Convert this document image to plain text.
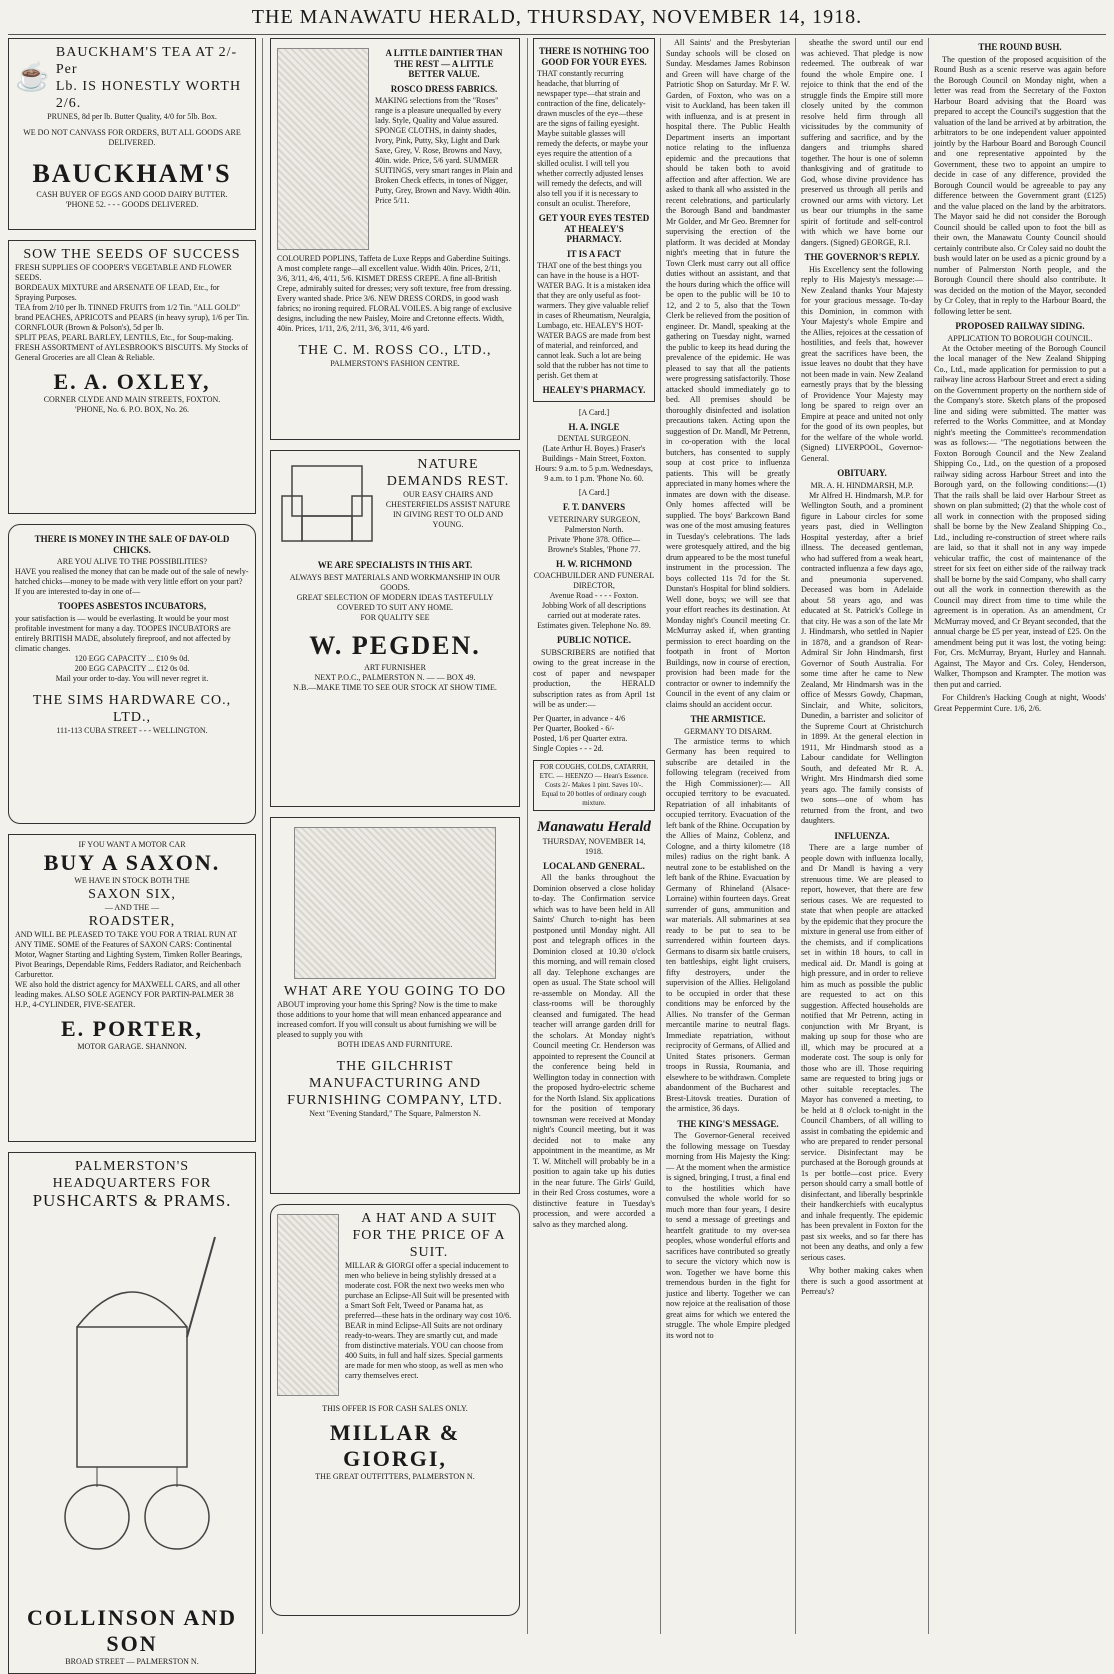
THE MANAWATU HERALD, THURSDAY, NOVEMBER 14, 1918.
☕
BAUCKHAM'S TEA AT 2/- Per
Lb. IS HONESTLY WORTH 2/6.
PRUNES, 8d per lb. Butter Quality, 4/0 for 5lb. Box.
WE DO NOT CANVASS FOR ORDERS, BUT ALL GOODS ARE DELIVERED.
BAUCKHAM'S
CASH BUYER OF EGGS AND GOOD DAIRY BUTTER.
'PHONE 52. - - - GOODS DELIVERED.
SOW THE SEEDS OF SUCCESS
FRESH SUPPLIES OF COOPER'S VEGETABLE AND FLOWER SEEDS.
BORDEAUX MIXTURE and ARSENATE OF LEAD, Etc., for Spraying Purposes.
TEA from 2/10 per lb. TINNED FRUITS from 1/2 Tin. "ALL GOLD" brand PEACHES, APRICOTS and PEARS (in heavy syrup), 1/6 per Tin.
CORNFLOUR (Brown & Polson's), 5d per lb.
SPLIT PEAS, PEARL BARLEY, LENTILS, Etc., for Soup-making.
FRESH ASSORTMENT of AYLESBROOK'S BISCUITS. My Stocks of General Groceries are all Clean & Reliable.
E. A. OXLEY,
CORNER CLYDE AND MAIN STREETS, FOXTON.
'PHONE, No. 6. P.O. BOX, No. 26.
THERE IS MONEY IN THE SALE OF DAY-OLD CHICKS.
ARE YOU ALIVE TO THE POSSIBILITIES?
HAVE you realised the money that can be made out of the sale of newly-hatched chicks—money to be made with very little effort on your part? If you are interested to-day in one of—
TOOPES ASBESTOS INCUBATORS,
your satisfaction is — would be everlasting. It would be your most profitable investment for many a day. TOOPES INCUBATORS are entirely BRITISH MADE, absolutely fireproof, and not affected by climatic changes.
120 EGG CAPACITY ... £10 9s 0d.
200 EGG CAPACITY ... £12 0s 0d.
Mail your order to-day. You will never regret it.
THE SIMS HARDWARE CO., LTD.,
111-113 CUBA STREET - - - WELLINGTON.
IF YOU WANT A MOTOR CAR
BUY A SAXON.
WE HAVE IN STOCK BOTH THE
SAXON SIX,
— AND THE —
ROADSTER,
AND WILL BE PLEASED TO TAKE YOU FOR A TRIAL RUN AT ANY TIME. SOME of the Features of SAXON CARS: Continental Motor, Wagner Starting and Lighting System, Timken Roller Bearings, Pivot Bearings, Dependable Rims, Fedders Radiator, and Reichenbach Carburettor.
WE also hold the district agency for MAXWELL CARS, and all other leading makes. ALSO SOLE AGENCY FOR PARTIN-PALMER 38 H.P., 4-CYLINDER, FIVE-SEATER.
E. PORTER,
MOTOR GARAGE. SHANNON.
PALMERSTON'S HEADQUARTERS FOR
PUSHCARTS & PRAMS.
COLLINSON AND SON
BROAD STREET — PALMERSTON N.
A LITTLE DAINTIER THAN THE REST — A LITTLE BETTER VALUE.
ROSCO DRESS FABRICS.
MAKING selections from the "Roses" range is a pleasure unequalled by every lady. Style, Quality and Value assured. SPONGE CLOTHS, in dainty shades, Ivory, Pink, Putty, Sky, Light and Dark Saxe, Grey, V. Rose, Browns and Navy, 40in. wide. Price, 5/6 yard. SUMMER SUITINGS, very smart ranges in Plain and Broken Check effects, in tones of Nigger, Putty, Grey, Brown and Navy. Width 40in. Price 5/11.
COLOURED POPLINS, Taffeta de Luxe Repps and Gaberdine Suitings. A most complete range—all excellent value. Width 40in. Prices, 2/11, 3/6, 3/11, 4/6, 4/11, 5/6. KISMET DRESS CREPE. A fine all-British Crepe, admirably suited for dresses; very soft texture, free from dressing. Every wanted shade. Price 3/6. NEW DRESS CORDS, in good wash fabrics; no ironing required. FLORAL VOILES. A big range of exclusive designs, including the new Paisley, Moire and Cretonne effects. Width, 40in. Prices, 1/11, 2/6, 2/11, 3/6, 3/11, 4/6 yard.
THE C. M. ROSS CO., LTD.,
PALMERSTON'S FASHION CENTRE.
NATURE DEMANDS REST.
OUR EASY CHAIRS AND CHESTERFIELDS ASSIST NATURE IN GIVING REST TO OLD AND YOUNG.
WE ARE SPECIALISTS IN THIS ART.
ALWAYS BEST MATERIALS AND WORKMANSHIP IN OUR GOODS.
GREAT SELECTION OF MODERN IDEAS TASTEFULLY COVERED TO SUIT ANY HOME.
FOR QUALITY SEE
W. PEGDEN.
ART FURNISHER
NEXT P.O.C., PALMERSTON N. — — BOX 49.
N.B.—MAKE TIME TO SEE OUR STOCK AT SHOW TIME.
WHAT ARE YOU GOING TO DO
ABOUT improving your home this Spring? Now is the time to make those additions to your home that will mean enhanced appearance and increased comfort. If you will consult us about furnishing we will be pleased to supply you with
BOTH IDEAS AND FURNITURE.
THE GILCHRIST MANUFACTURING AND FURNISHING COMPANY, LTD.
Next "Evening Standard," The Square, Palmerston N.
A HAT AND A SUIT FOR THE PRICE OF A SUIT.
MILLAR & GIORGI offer a special inducement to men who believe in being stylishly dressed at a moderate cost. FOR the next two weeks men who purchase an Eclipse-All Suit will be presented with a Smart Soft Felt, Tweed or Panama hat, as preferred—these hats in the ordinary way cost 10/6. BEAR in mind Eclipse-All Suits are not ordinary ready-to-wears. They are smartly cut, and made from distinctive materials. YOU can choose from 400 Suits, in full and half sizes. Special garments are made for men who stoop, as well as men who carry themselves erect.
THIS OFFER IS FOR CASH SALES ONLY.
MILLAR & GIORGI,
THE GREAT OUTFITTERS, PALMERSTON N.
THERE IS NOTHING TOO GOOD FOR YOUR EYES.
THAT constantly recurring headache, that blurring of newspaper type—that strain and contraction of the fine, delicately-drawn muscles of the eye—these are the signs of failing eyesight. Maybe suitable glasses will remedy the defects, or maybe your eyes require the attention of a skilled oculist. I will tell you whether correctly adjusted lenses will remedy the defects, and will also tell you if it is necessary to consult an oculist. Therefore,
GET YOUR EYES TESTED AT HEALEY'S PHARMACY.
IT IS A FACT
THAT one of the best things you can have in the house is a HOT-WATER BAG. It is a mistaken idea that they are only useful as foot-warmers. They give valuable relief in cases of Rheumatism, Neuralgia, Lumbago, etc. HEALEY'S HOT-WATER BAGS are made from best of material, and reinforced, and cannot leak. Such a lot are being sold that the rubber has not time to perish. Get them at
HEALEY'S PHARMACY.
[A Card.]
H. A. INGLE
DENTAL SURGEON.
(Late Arthur H. Boyes.) Fraser's Buildings - Main Street, Foxton.
Hours: 9 a.m. to 5 p.m. Wednesdays, 9 a.m. to 1 p.m. 'Phone No. 60.
[A Card.]
F. T. DANVERS
VETERINARY SURGEON, Palmerston North.
Private 'Phone 378. Office—Browne's Stables, 'Phone 77.
H. W. RICHMOND
COACHBUILDER AND FUNERAL DIRECTOR,
Avenue Road - - - - Foxton.
Jobbing Work of all descriptions carried out at moderate rates. Estimates given. Telephone No. 89.
PUBLIC NOTICE.
SUBSCRIBERS are notified that owing to the great increase in the cost of paper and newspaper production, the HERALD subscription rates as from April 1st will be as under:—
Per Quarter, in advance - 4/6
Per Quarter, Booked - 6/-
Posted, 1/6 per Quarter extra.
Single Copies - - - 2d.
FOR COUGHS, COLDS, CATARRH, ETC. — HEENZO — Hean's Essence. Costs 2/- Makes 1 pint. Saves 10/-. Equal to 20 bottles of ordinary cough mixture.
Manawatu Herald
THURSDAY, NOVEMBER 14, 1918.
LOCAL AND GENERAL.
All the banks throughout the Dominion observed a close holiday to-day. The Confirmation service which was to have been held in All Saints' Church to-night has been postponed until Monday night. All post and telegraph offices in the Dominion closed at 10.30 o'clock this morning, and will remain closed all day. Telephone exchanges are open as usual. The State school will re-assemble on Monday. All the class-rooms will be thoroughly cleansed and fumigated. The head teacher will arrange garden drill for the scholars. At Monday night's Council meeting Cr. Henderson was appointed to represent the Council at the conference being held in Wellington today in connection with the proposed hydro-electric scheme for the North Island. Six applications for the position of temporary townsman were received at Monday night's Council meeting, but it was decided not to make any appointment in the meantime, as Mr T. W. Mitchell will probably be in a position to again take up his duties in the near future. The Girls' Guild, in their Red Cross costumes, wore a distinctive feature in Tuesday's procession, and were accorded a salvo as they marched along.
All Saints' and the Presbyterian Sunday schools will be closed on Sunday. Mesdames James Robinson and Green will have charge of the Patriotic Shop on Saturday. Mr F. W. Garden, of Foxton, who was on a visit to Auckland, has been taken ill with influenza, and is at present in hospital there. The Public Health Department inserts an important notice relating to the influenza epidemic and the precautions that should be taken both to avoid affection and after affection. We are asked to thank all who assisted in the recent celebrations, and particularly the Borough Band and bandmaster Mr Golder, and Mr Geo. Bremner for supervising the erection of the platform. It was decided at Monday night's meeting that in future the Town Clerk must carry out all office duties without an assistant, and that the hours during which the office will be open to the public will be 10 to 12, and 2 to 5, also that the Town Clerk be relieved from the position of engineer. Dr. Mandl, speaking at the gathering on Tuesday night, warned the public to keep its head during the prevalence of the epidemic. He was pleased to say that all the patients were progressing satisfactorily. Those attacked should immediately go to bed. All premises should be thoroughly disinfected and isolation precautions taken. Acting upon the suggestion of Dr. Mandl, Mr Petrenn, in co-operation with the local butchers, has consented to supply soup at cost price to influenza patients. This will be greatly appreciated in many homes where the inmates are down with the disease. Only homes affected will be supplied. The boys' Barkcown Band was one of the most amusing features in Tuesday's celebrations. The lads were grotesquely attired, and the big drum appeared to be the most tuneful instrument in the procession. The boys collected 11s 7d for the St. Dunstan's Hospital for blind soldiers. Well done, boys; we will see that your effort reaches its destination. At Monday night's Council meeting Cr. McMurray asked if, when granting permission to erect hoarding on the footpath in front of Morton Buildings, now in course of erection, provision had been made for the contractor or owner to indemnify the Council in the event of any claim or claims should an accident occur.
THE ARMISTICE.
GERMANY TO DISARM.
The armistice terms to which Germany has been required to subscribe are detailed in the following telegram (received from the High Commissioner):— All occupied territory to be evacuated. Repatriation of all inhabitants of occupied territory. Evacuation of the left bank of the Rhine. Occupation by the Allies of Mainz, Coblenz, and Cologne, and a thirty kilometre (18 miles) radius on the right bank. A neutral zone to be established on the left bank of the Rhine. Evacuation by Germany of Rhineland (Alsace-Lorraine) within fourteen days. Great surrender of guns, ammunition and war materials. All submarines at sea ready to be put to sea to be surrendered within fourteen days. Germans to disarm six battle cruisers, ten battleships, eight light cruisers, fifty destroyers, under the supervision of the Allies. Heligoland to be occupied in order that these conditions may be enforced by the Allies. No transfer of the German mercantile marine to neutral flags. Immediate repatriation, without reciprocity of Germans, of Allied and United States prisoners. German troops in Russia, Roumania, and elsewhere to be withdrawn. Complete abandonment of the Bucharest and Brest-Litovsk treaties. Duration of the armistice, 36 days.
THE KING'S MESSAGE.
The Governor-General received the following message on Tuesday morning from His Majesty the King:— At the moment when the armistice is signed, bringing, I trust, a final end to the hostilities which have convulsed the whole world for so much more than four years, I desire to send a message of greetings and heartfelt gratitude to my over-sea peoples, whose wonderful efforts and sacrifices have contributed so greatly to secure the victory which now is won. Together we have borne this tremendous burden in the fight for justice and liberty. Together we can now rejoice at the realisation of those great aims for which we entered the struggle. The whole Empire pledged its word not to
sheathe the sword until our end was achieved. That pledge is now redeemed. The outbreak of war found the whole Empire one. I rejoice to think that the end of the struggle finds the Empire still more closely united by the common resolve held firm through all vicissitudes by the community of suffering and sacrifice, and by the dangers and triumphs shared together. The hour is one of solemn thanksgiving and of gratitude to God, whose divine providence has preserved us through all perils and crowned our arms with victory. Let us bear our triumphs in the same spirit of fortitude and self-control with which we have borne our dangers. (Signed) GEORGE, R.I.
THE GOVERNOR'S REPLY.
His Excellency sent the following reply to His Majesty's message:— New Zealand thanks Your Majesty for your gracious message. To-day this Dominion, in common with Your Majesty's whole Empire and the Allies, rejoices at the cessation of hostilities, and feels that, however great the sacrifices have been, the issue leaves no doubt that they have not been made in vain. New Zealand earnestly prays that by the blessing of Providence Your Majesty may long be spared to reign over an Empire at peace and united not only for the good of its own peoples, but for the welfare of the whole world. (Signed) LIVERPOOL, Governor-General.
OBITUARY.
MR. A. H. HINDMARSH, M.P.
Mr Alfred H. Hindmarsh, M.P. for Wellington South, and a prominent figure in Labour circles for some years past, died in Wellington Hospital yesterday, after a brief illness. The deceased gentleman, who had suffered from a weak heart, contracted influenza a few days ago, and pneumonia supervened. Deceased was born in Adelaide about 58 years ago, and was educated at St. Patrick's College in that city. He was a son of the late Mr J. Hindmarsh, who settled in Napier in 1878, and a grandson of Rear-Admiral Sir John Hindmarsh, first Governor of South Australia. For some time after he came to New Zealand, Mr Hindmarsh was in the office of Messrs Gowdy, Chapman, Sinclair, and White, solicitors, Dunedin, a barrister and solicitor of the Supreme Court at Christchurch in 1899. At the general election in 1911, Mr Hindmarsh stood as a Labour candidate for Wellington South, and defeated Mr R. A. Wright. Mrs Hindmarsh died some years ago. The family consists of two sons—one of whom has returned from the front, and two daughters.
INFLUENZA.
There are a large number of people down with influenza locally, and Dr Mandl is having a very strenuous time. We are pleased to report, however, that there are few serious cases. We are requested to state that when people are attacked by the epidemic that they procure the mixture in general use from either of the chemists, and if complications set in within 18 hours, to call in medical aid. Dr. Mandl is going at high pressure, and in order to relieve him as much as possible the public are requested to act on this suggestion. Affected households are notified that Mr Petrenn, acting in conjunction with Mr Bryant, is making up soup for those who are ill, which may be procured at a moderate cost. The soup is only for those who are ill. Those requiring same are requested to bring jugs or other suitable receptacles. The Mayor has convened a meeting, to be held at 8 o'clock to-night in the Council Chambers, of all willing to assist in combating the epidemic and who are prepared to render personal service. Disinfectant may be purchased at the Borough grounds at 1s per bottle—cost price. Every person should carry a small bottle of disinfectant, and liberally besprinkle their handkerchiefs with eucalyptus and inhale frequently. The epidemic has been prevalent in Foxton for the past six weeks, and so far there has not been any deaths, and only a few serious cases.
Why bother making cakes when there is such a good assortment at Perreau's?
THE ROUND BUSH.
The question of the proposed acquisition of the Round Bush as a scenic reserve was again before the Borough Council on Monday night, when a letter was read from the Secretary of the Foxton Harbour Board advising that the Board was prepared to accept the Council's suggestion that the valuation of the land be arrived at by arbitration, the arbitrators to be one independent valuer appointed jointly by the Harbour Board and Borough Council and one representative appointed by the Government, these two to appoint an umpire to decide in case of any difference, provided the Borough Council would be agreeable to pay any difference between the Government grant (£125) and the value placed on the land by the arbitrators. The Mayor said he did not consider the Borough Council should be called upon to foot the bill as their own, the Manawatu County Council should certainly contribute also. Cr Coley said no doubt the bush would later on be used as a picnic ground by a number of Palmerston North people, and the Borough Council there should also contribute. It was decided on the motion of the Mayor, seconded by Cr Coley, that in reply to the Harbour Board, the following letter be sent.
PROPOSED RAILWAY SIDING.
APPLICATION TO BOROUGH COUNCIL.
At the October meeting of the Borough Council the local manager of the New Zealand Shipping Co., Ltd., made application for permission to put a railway line across Harbour Street and erect a siding on the Government property on the northern side of the Company's store. Sketch plans of the proposed line and siding were submitted. The matter was referred to the Works Committee, and at Monday night's meeting the Committee's recommendation was as follows:— "The negotiations between the Foxton Borough Council and the New Zealand Shipping Co., Ltd., on the question of a proposed railway siding across Harbour Street and into the Borough yard, on the following conditions:—(1) That the rails shall be laid over Harbour Street as shown on plan submitted; (2) that the whole cost of all work in connection with the proposed siding shall be borne by the New Zealand Shipping Co., Ltd., including re-construction of street where rails are laid, so that it shall not in any way impede vehicular traffic, the cost of maintenance of the street for six feet on either side of the railway track shall be borne by the said Company, who shall carry out all the work in connection therewith as the Council may direct from time to time while the agreement is in operation. As an amendment, Cr McMurray moved, and Cr Bryant seconded, that the annual charge be £5 per year, instead of £25. On the amendment being put it was lost, the voting being: For, Crs. McMurray, Bryant, Hurley and Hannah. Against, The Mayor and Crs. Coley, Henderson, Walker, Thompson and Krampter. The motion was then put and carried.
For Children's Hacking Cough at night, Woods' Great Peppermint Cure. 1/6, 2/6.
